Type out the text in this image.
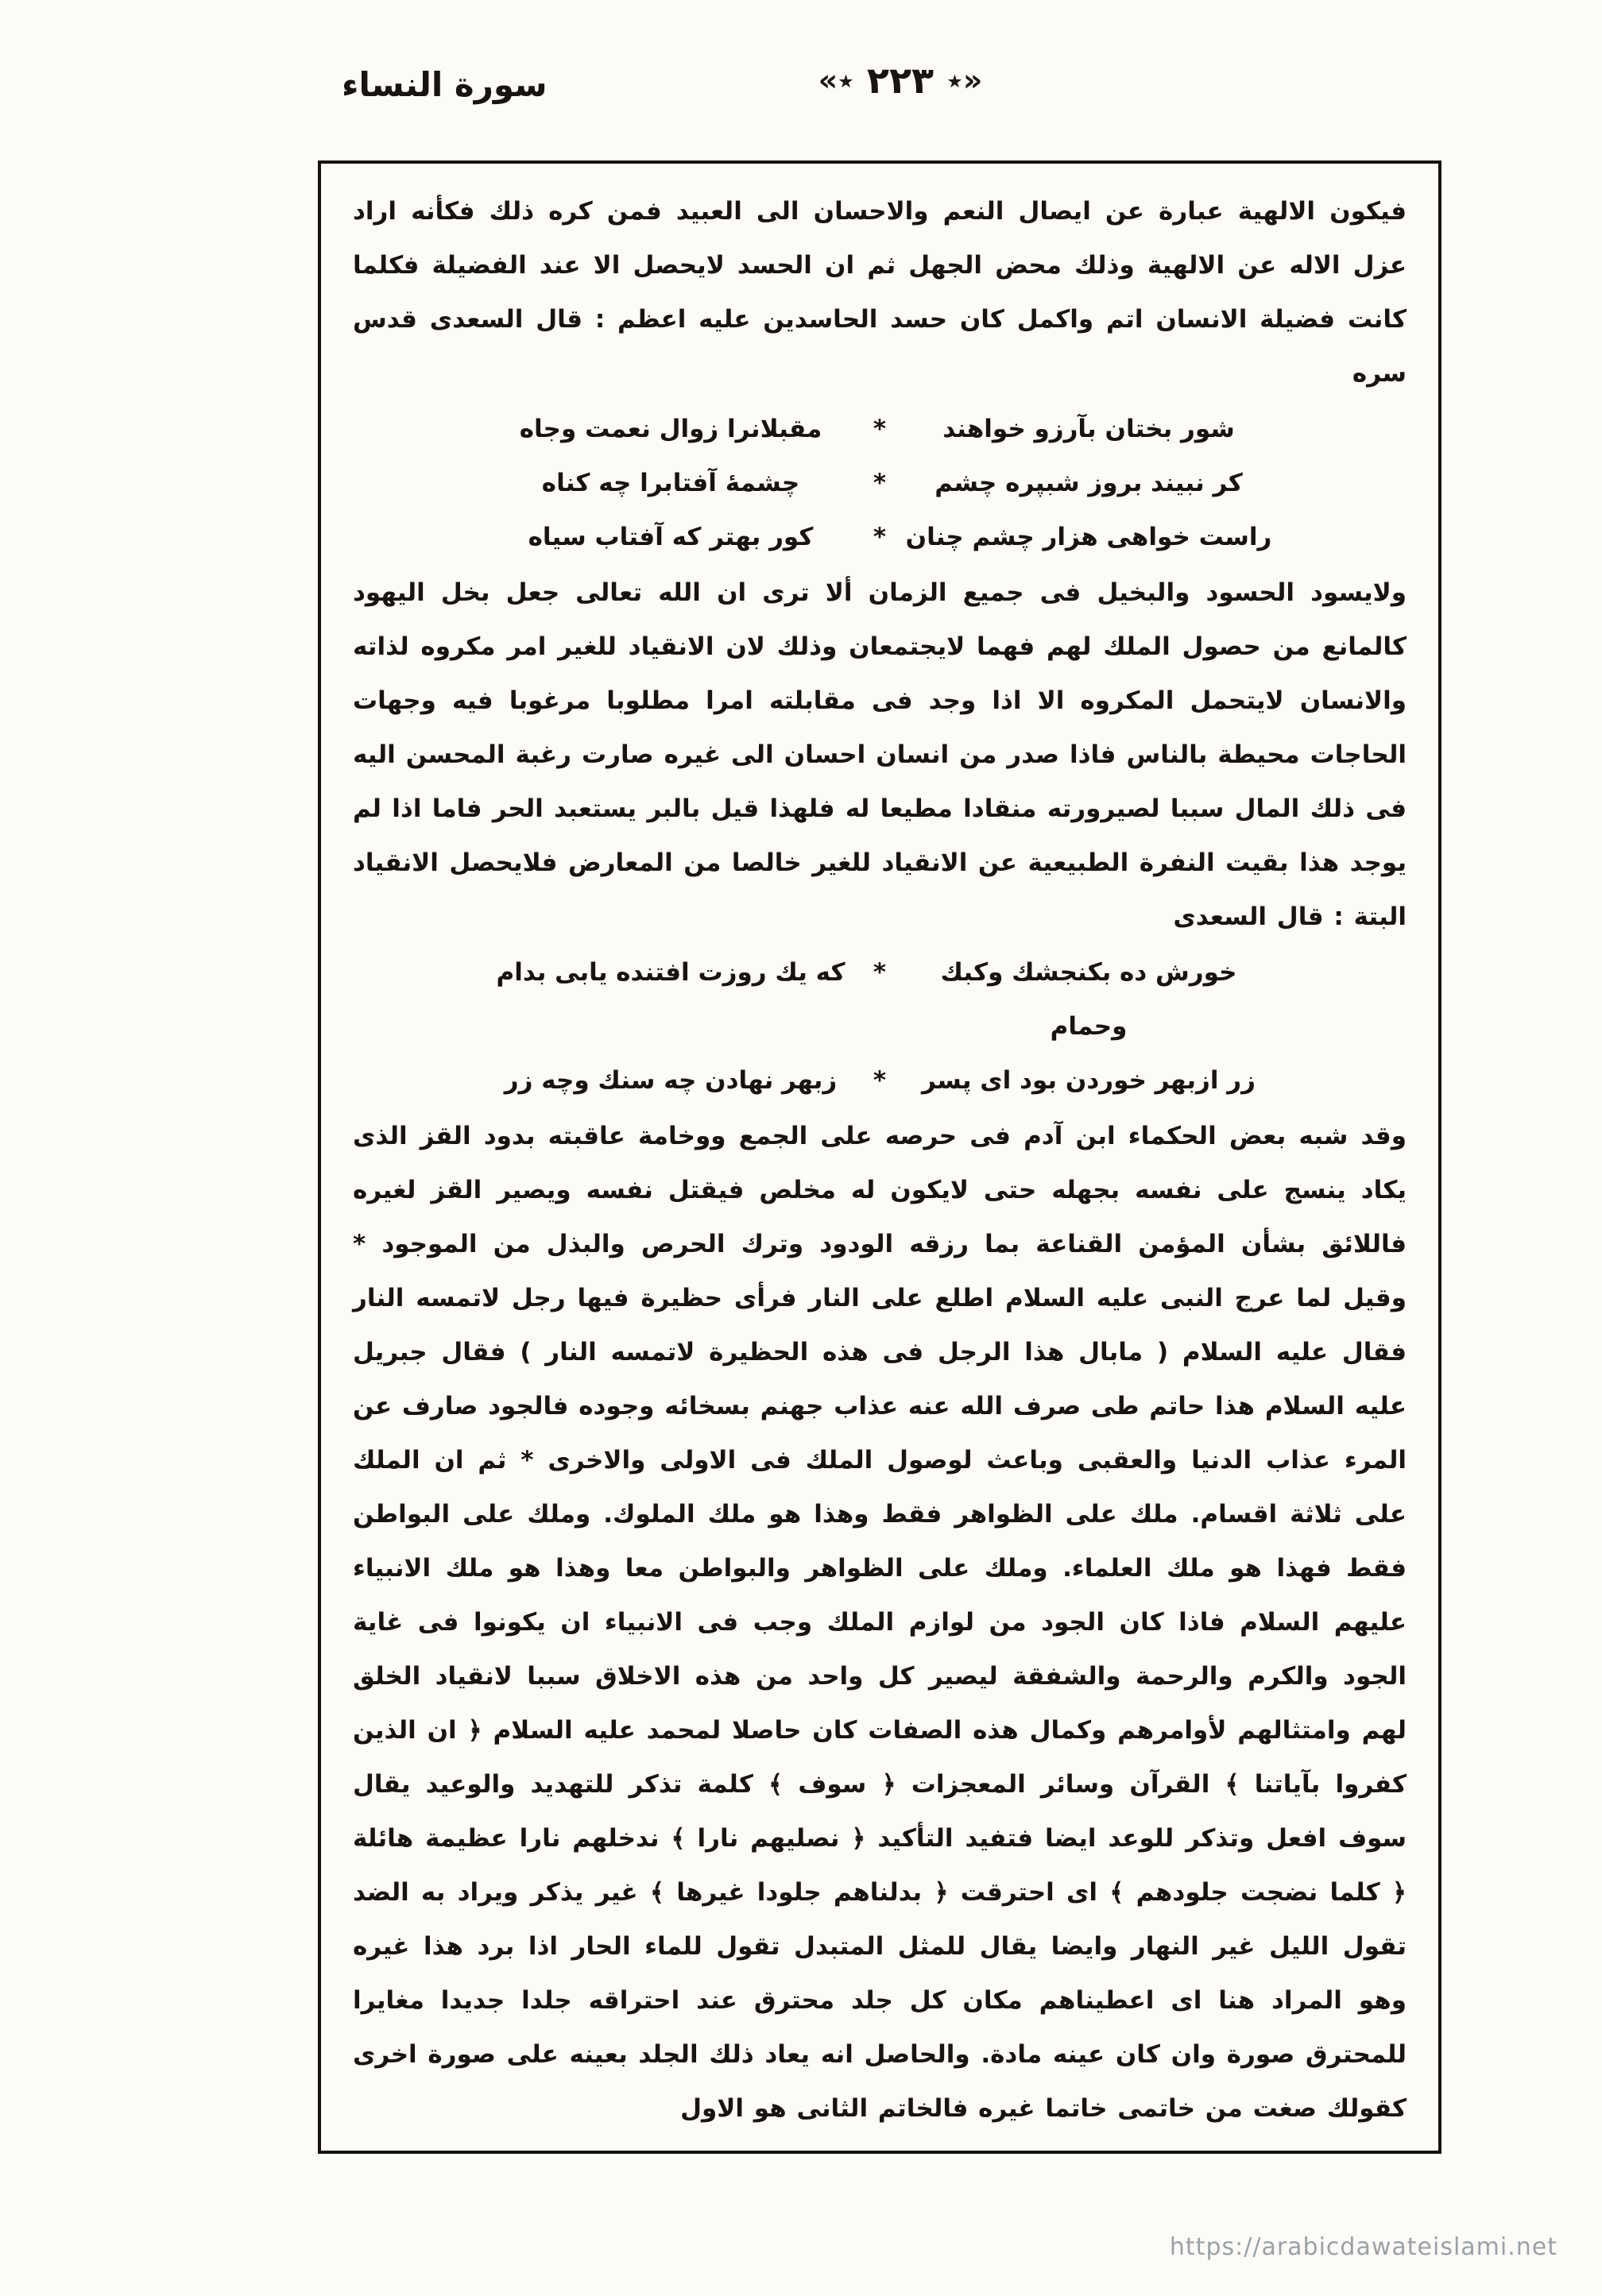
سورة النساء	«٭ ٢٢٣ ٭»

فيكون الالهية عبارة عن ايصال النعم والاحسان الى العبيد فمن كره ذلك فكأنه اراد عزل الاله عن الالهية وذلك محض الجهل ثم ان الحسد لايحصل الا عند الفضيلة فكلما كانت فضيلة الانسان اتم واكمل كان حسد الحاسدين عليه اعظم : قال السعدى قدس سره

شور بختان بآرزو خواهند
*
مقبلانرا زوال نعمت وجاه
كر نبيند بروز شبپره چشم
*
چشمهٔ آفتابرا چه كناه
راست خواهى هزار چشم چنان
*
كور بهتر كه آفتاب سياه

ولايسود الحسود والبخيل فى جميع الزمان ألا ترى ان الله تعالى جعل بخل اليهود كالمانع من حصول الملك لهم فهما لايجتمعان وذلك لان الانقياد للغير امر مكروه لذاته والانسان لايتحمل المكروه الا اذا وجد فى مقابلته امرا مطلوبا مرغوبا فيه وجهات الحاجات محيطة بالناس فاذا صدر من انسان احسان الى غيره صارت رغبة المحسن اليه فى ذلك المال سببا لصيرورته منقادا مطيعا له فلهذا قيل بالبر يستعبد الحر فاما اذا لم يوجد هذا بقيت النفرة الطبيعية عن الانقياد للغير خالصا من المعارض فلايحصل الانقياد البتة : قال السعدى

خورش ده بكنجشك وكبك وحمام
*
كه يك روزت افتنده يابى بدام
زر ازبهر خوردن بود اى پسر
*
زبهر نهادن چه سنك وچه زر

وقد شبه بعض الحكماء ابن آدم فى حرصه على الجمع ووخامة عاقبته بدود القز الذى يكاد ينسج على نفسه بجهله حتى لايكون له مخلص فيقتل نفسه ويصير القز لغيره فاللائق بشأن المؤمن القناعة بما رزقه الودود وترك الحرص والبذل من الموجود * وقيل لما عرج النبى عليه السلام اطلع على النار فرأى حظيرة فيها رجل لاتمسه النار فقال عليه السلام ( مابال هذا الرجل فى هذه الحظيرة لاتمسه النار ) فقال جبريل عليه السلام هذا حاتم طى صرف الله عنه عذاب جهنم بسخائه وجوده فالجود صارف عن المرء عذاب الدنيا والعقبى وباعث لوصول الملك فى الاولى والاخرى * ثم ان الملك على ثلاثة اقسام. ملك على الظواهر فقط وهذا هو ملك الملوك. وملك على البواطن فقط فهذا هو ملك العلماء. وملك على الظواهر والبواطن معا وهذا هو ملك الانبياء عليهم السلام فاذا كان الجود من لوازم الملك وجب فى الانبياء ان يكونوا فى غاية الجود والكرم والرحمة والشفقة ليصير كل واحد من هذه الاخلاق سببا لانقياد الخلق لهم وامتثالهم لأوامرهم وكمال هذه الصفات كان حاصلا لمحمد عليه السلام ﴿ ان الذين كفروا بآياتنا ﴾ القرآن وسائر المعجزات ﴿ سوف ﴾ كلمة تذكر للتهديد والوعيد يقال سوف افعل وتذكر للوعد ايضا فتفيد التأكيد ﴿ نصليهم نارا ﴾ ندخلهم نارا عظيمة هائلة ﴿ كلما نضجت جلودهم ﴾ اى احترقت ﴿ بدلناهم جلودا غيرها ﴾ غير يذكر ويراد به الضد تقول الليل غير النهار وايضا يقال للمثل المتبدل تقول للماء الحار اذا برد هذا غيره وهو المراد هنا اى اعطيناهم مكان كل جلد محترق عند احتراقه جلدا جديدا مغايرا للمحترق صورة وان كان عينه مادة. والحاصل انه يعاد ذلك الجلد بعينه على صورة اخرى كقولك صغت من خاتمى خاتما غيره فالخاتم الثانى هو الاول

https://arabicdawateislami.net
